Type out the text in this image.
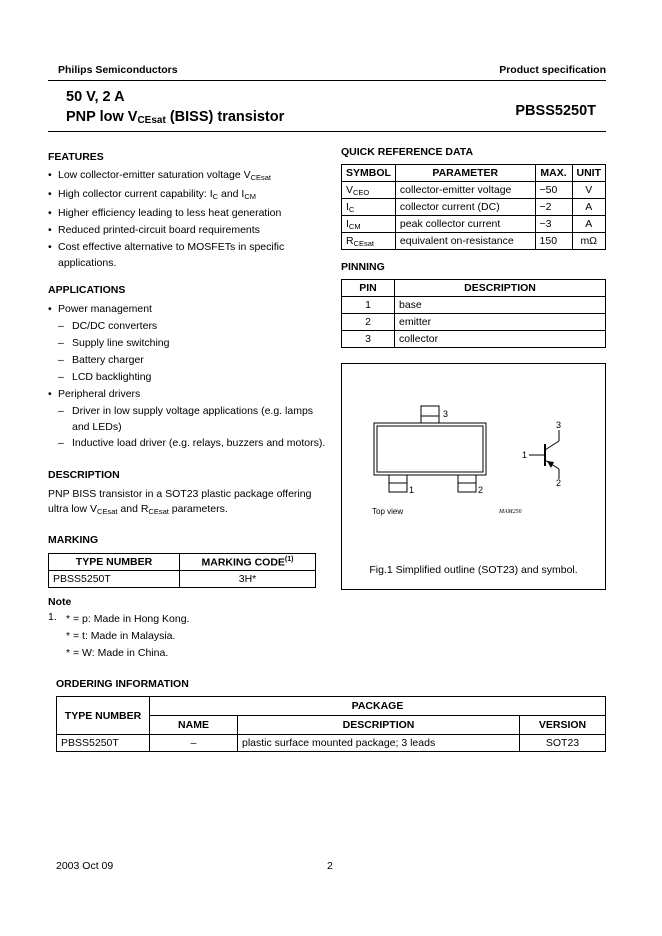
Philips Semiconductors	Product specification
50 V, 2 A
PNP low $V_{CEsat}$ (BISS) transistor	PBSS5250T
FEATURES
• Low collector-emitter saturation voltage $V_{CEsat}$
• High collector current capability: $I_C$ and $I_{CM}$
• Higher efficiency leading to less heat generation
• Reduced printed-circuit board requirements
• Cost effective alternative to MOSFETs in specific
applications.
APPLICATIONS
• Power management
– DC/DC converters
– Supply line switching
– Battery charger
– LCD backlighting
• Peripheral drivers
– Driver in low supply voltage applications (e.g. lamps
and LEDs)
– Inductive load driver (e.g. relays, buzzers and motors).
DESCRIPTION
PNP BISS transistor in a SOT23 plastic package offering
ultra low $V_{CEsat}$ and $R_{CEsat}$ parameters.
MARKING
TYPE NUMBER	MARKING CODE$^{(1)}$
PBSS5250T	3H*
Note
1. * = p: Made in Hong Kong.
* = t: Made in Malaysia.
* = W: Made in China.
QUICK REFERENCE DATA
SYMBOL	PARAMETER	MAX.	UNIT
$V_{CEO}$	collector-emitter voltage	−50	V
$I_C$	collector current (DC)	−2	A
$I_{CM}$	peak collector current	−3	A
$R_{CEsat}$	equivalent on-resistance	150	mΩ
PINNING
PIN	DESCRIPTION
1	base
2	emitter
3	collector
3
1	2
3
1
2
Top view	MAM256
Fig.1 Simplified outline (SOT23) and symbol.
ORDERING INFORMATION
TYPE NUMBER	PACKAGE		
	NAME	DESCRIPTION	VERSION
PBSS5250T	–	plastic surface mounted package; 3 leads	SOT23
2003 Oct 09	2
